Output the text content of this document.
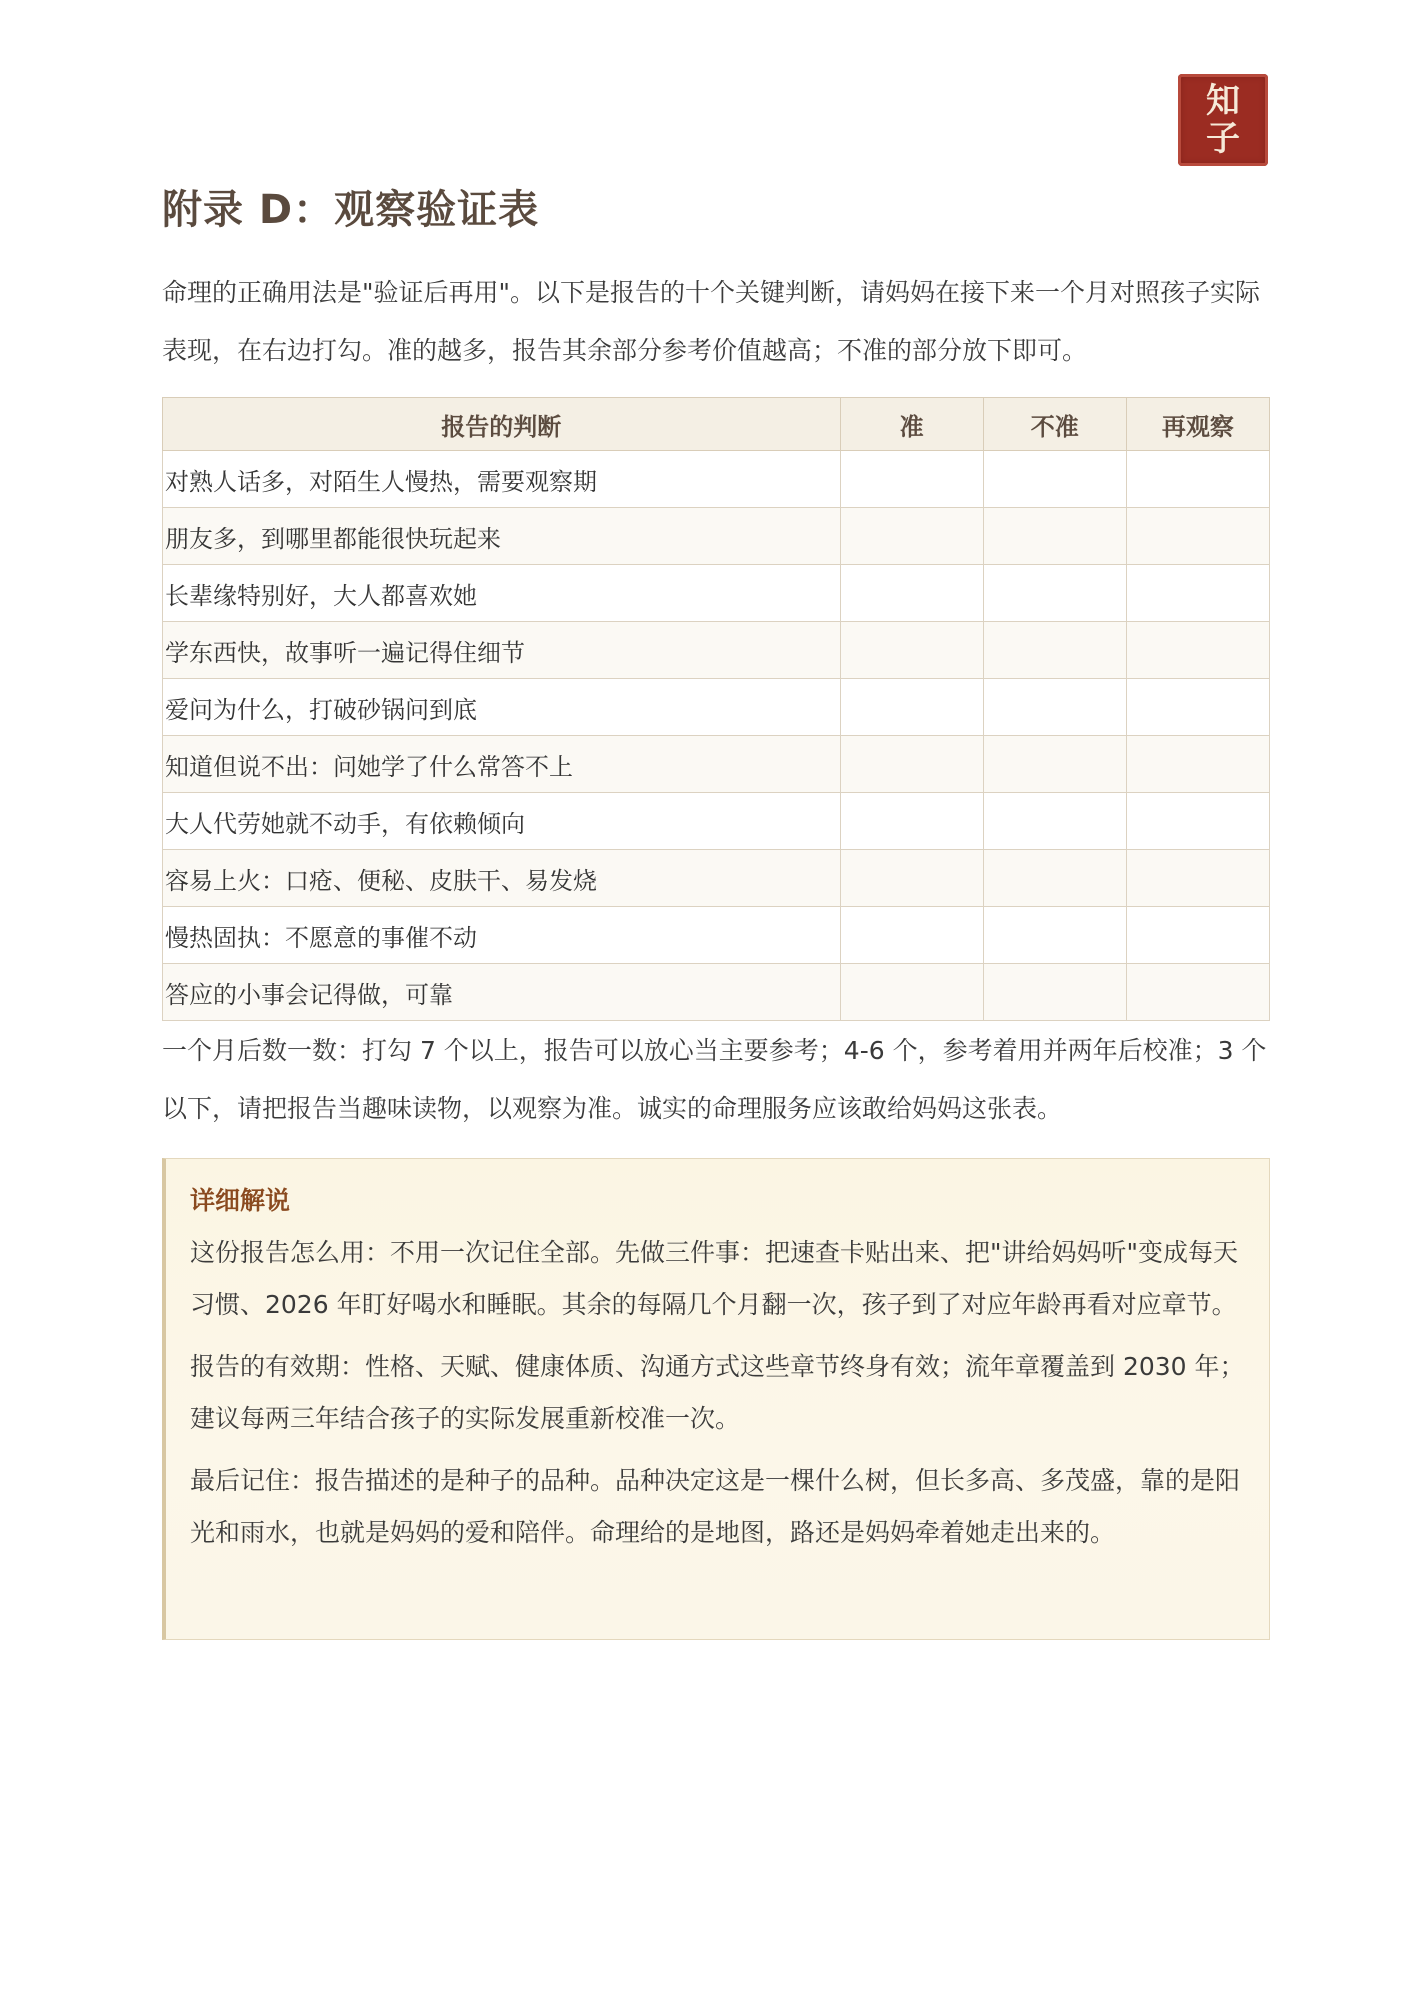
知
子
附录 D：观察验证表

命理的正确用法是"验证后再用"。以下是报告的十个关键判断，请妈妈在接下来一个月对照孩子实际表现，在右边打勾。准的越多，报告其余部分参考价值越高；不准的部分放下即可。

报告的判断	准	不准	再观察
对熟人话多，对陌生人慢热，需要观察期			
朋友多，到哪里都能很快玩起来			
长辈缘特别好，大人都喜欢她			
学东西快，故事听一遍记得住细节			
爱问为什么，打破砂锅问到底			
知道但说不出：问她学了什么常答不上			
大人代劳她就不动手，有依赖倾向			
容易上火：口疮、便秘、皮肤干、易发烧			
慢热固执：不愿意的事催不动			
答应的小事会记得做，可靠			

一个月后数一数：打勾 7 个以上，报告可以放心当主要参考；4-6 个，参考着用并两年后校准；3 个以下，请把报告当趣味读物，以观察为准。诚实的命理服务应该敢给妈妈这张表。

详细解说

这份报告怎么用：不用一次记住全部。先做三件事：把速查卡贴出来、把"讲给妈妈听"变成每天习惯、2026 年盯好喝水和睡眠。其余的每隔几个月翻一次，孩子到了对应年龄再看对应章节。

报告的有效期：性格、天赋、健康体质、沟通方式这些章节终身有效；流年章覆盖到 2030 年；建议每两三年结合孩子的实际发展重新校准一次。

最后记住：报告描述的是种子的品种。品种决定这是一棵什么树，但长多高、多茂盛，靠的是阳光和雨水，也就是妈妈的爱和陪伴。命理给的是地图，路还是妈妈牵着她走出来的。
